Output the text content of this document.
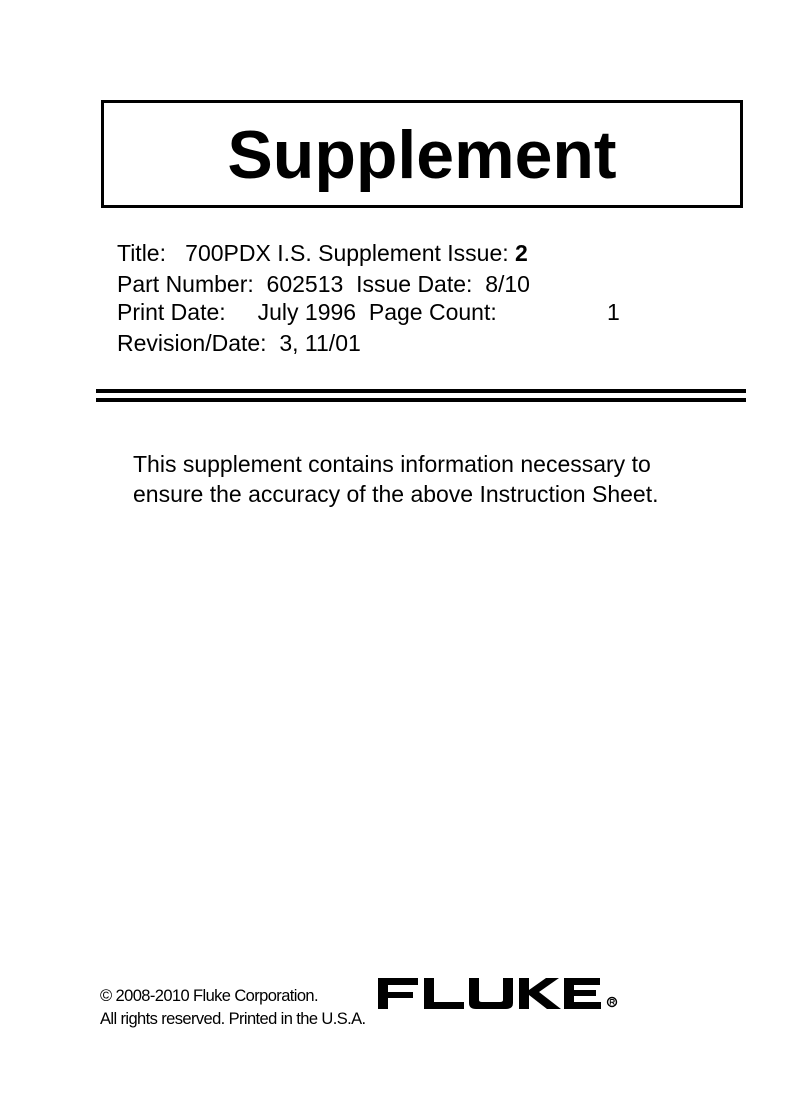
Supplement
Title: 700PDX I.S. Supplement Issue: 2
Part Number: 602513 Issue Date: 8/10
Print Date: July 1996 Page Count:	1
Revision/Date: 3, 11/01
This supplement contains information necessary to
ensure the accuracy of the above Instruction Sheet.
© 2008-2010 Fluke Corporation.
All rights reserved. Printed in the U.S.A.
